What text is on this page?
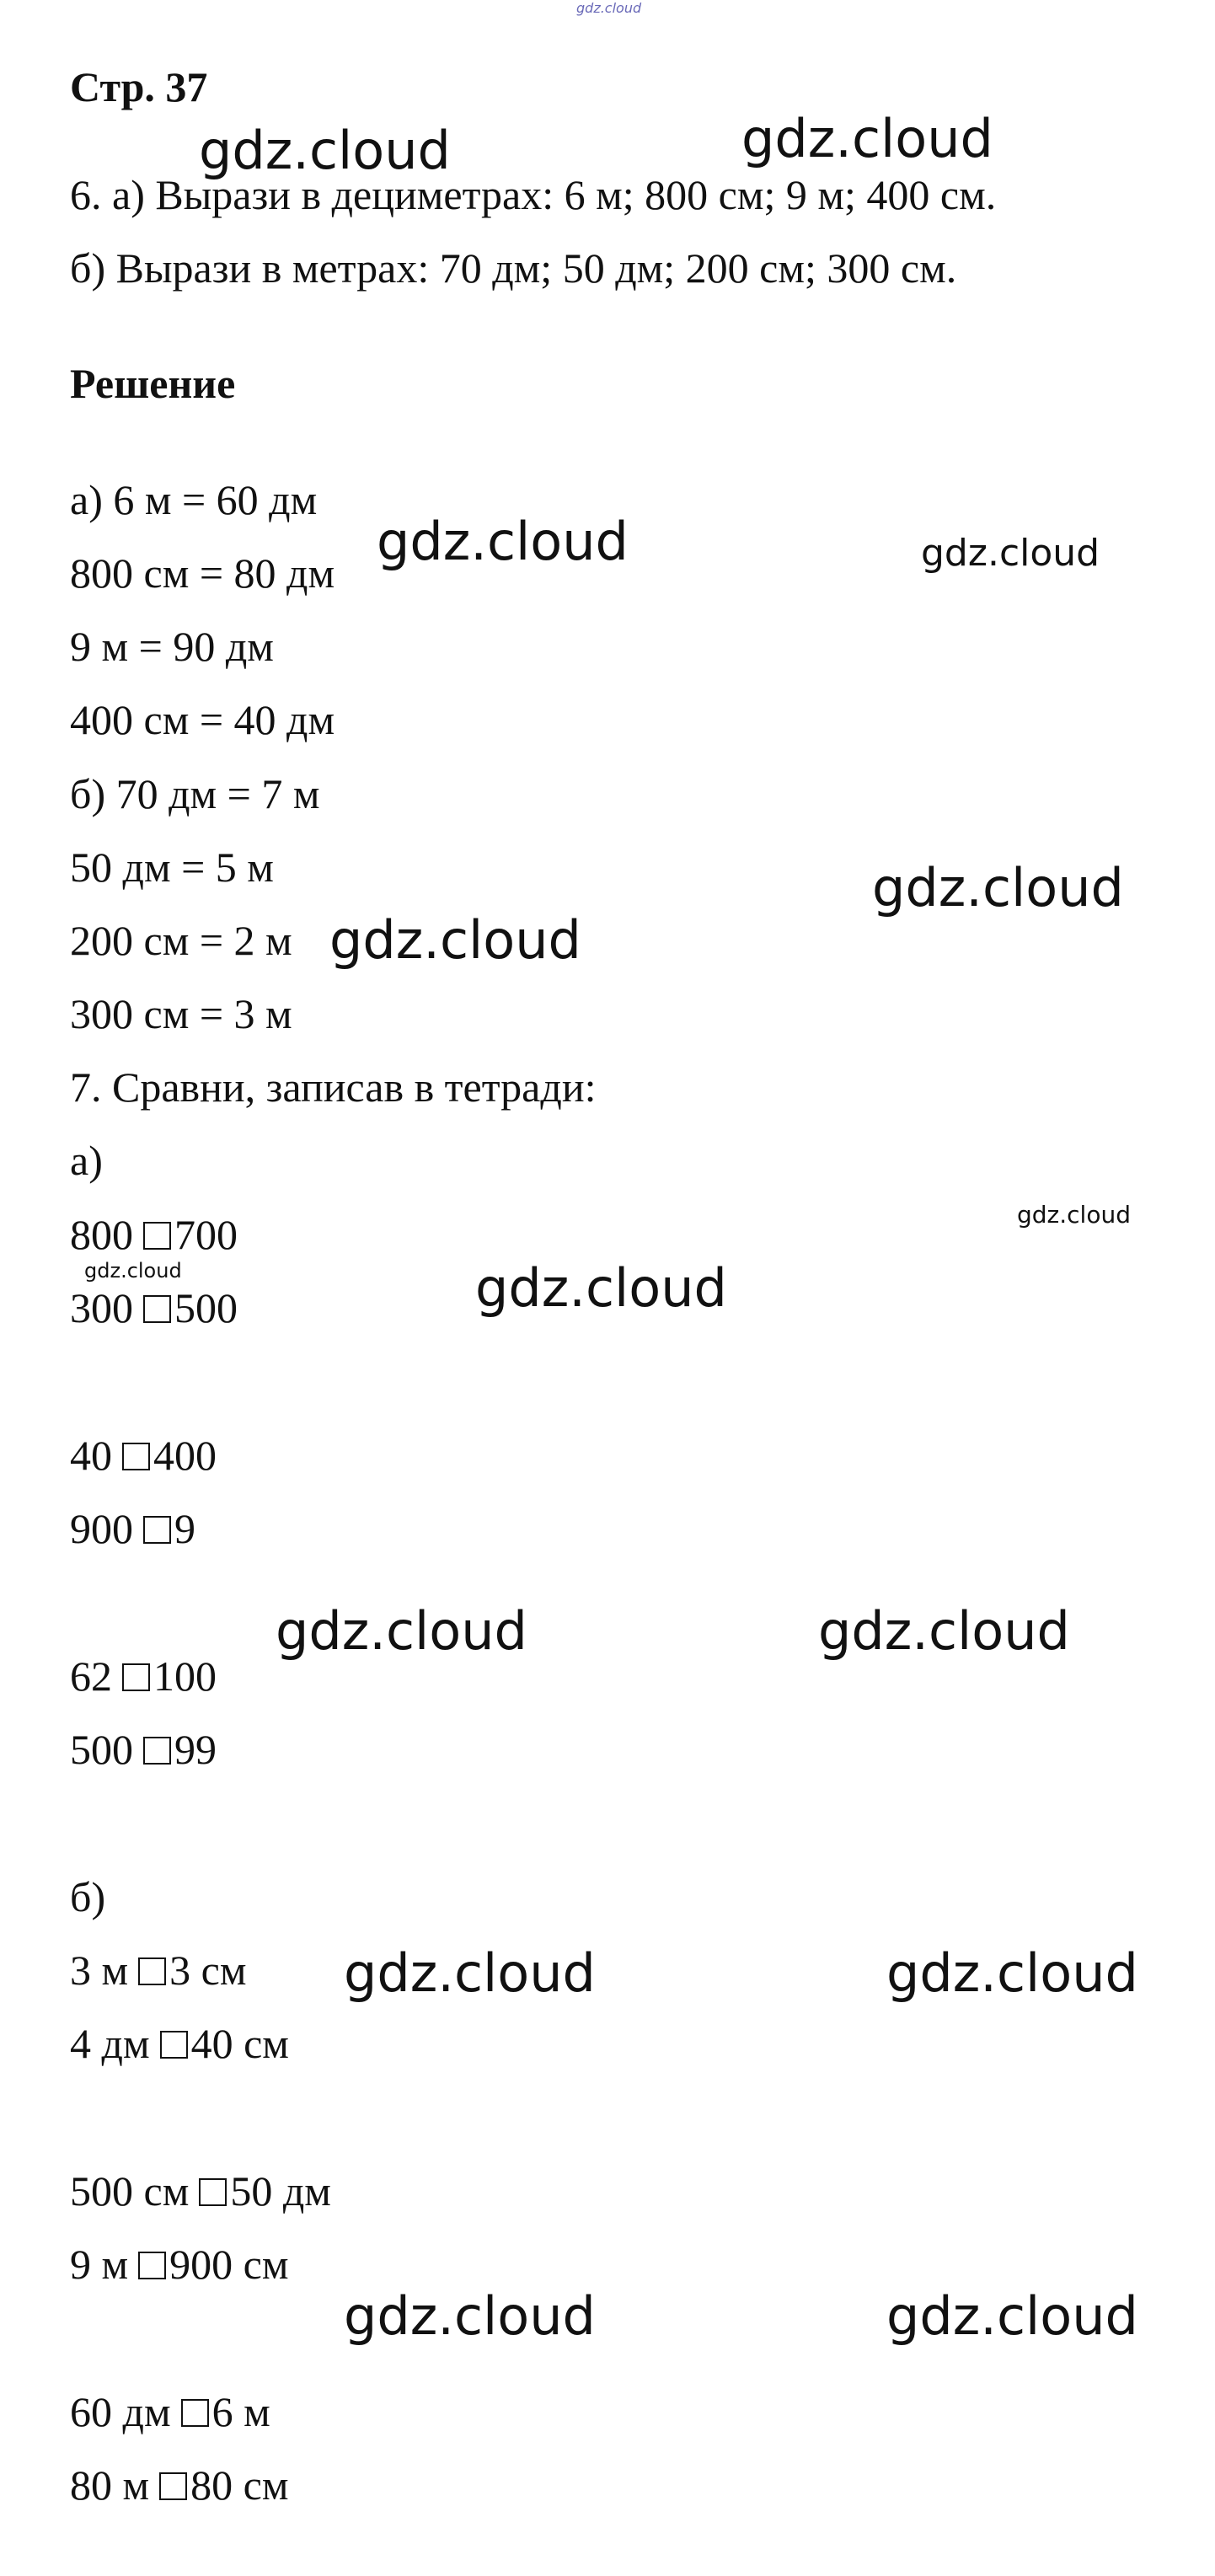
gdz.cloud
Стр. 37
6. а) Вырази в дециметрах: 6 м; 800 см; 9 м; 400 см.
б) Вырази в метрах: 70 дм; 50 дм; 200 см; 300 см.
Решение
а) 6 м = 60 дм
800 см = 80 дм
9 м = 90 дм
400 см = 40 дм
б) 70 дм = 7 м
50 дм = 5 м
200 см = 2 м
300 см = 3 м
7. Сравни, записав в тетради:
а)
800 700
300 500
40 400
900 9
62 100
500 99
б)
3 м 3 см
4 дм 40 см
500 см 50 дм
9 м 900 см
60 дм 6 м
80 м 80 см
gdz.cloud	gdz.cloud
gdz.cloud	gdz.cloud
gdz.cloud
gdz.cloud
gdz.cloud
gdz.cloud	gdz.cloud
gdz.cloud	gdz.cloud
gdz.cloud	gdz.cloud
gdz.cloud	gdz.cloud
